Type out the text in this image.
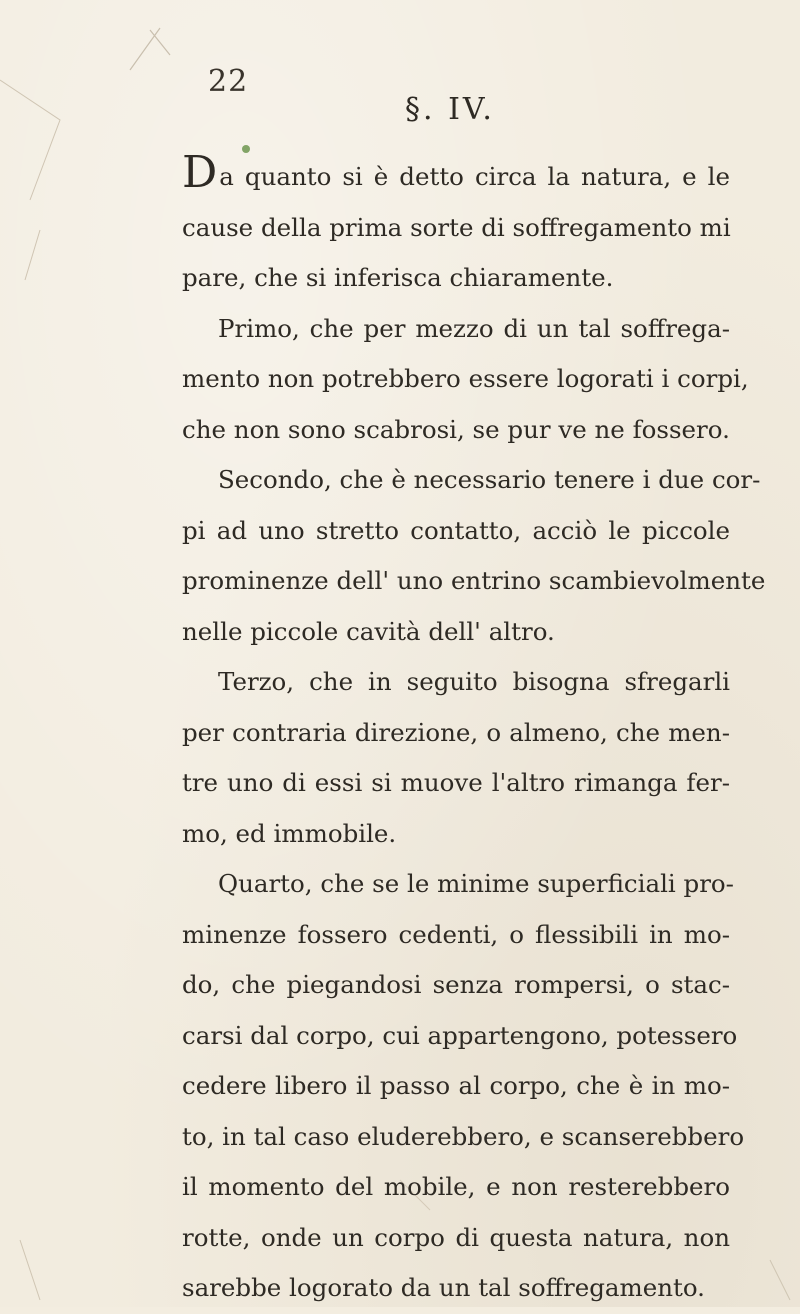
22
§. IV.
Da quanto si è detto circa la natura, e le
cause della prima sorte di soffregamento mi
pare, che si inferisca chiaramente.
Primo, che per mezzo di un tal soffrega-
mento non potrebbero essere logorati i corpi,
che non sono scabrosi, se pur ve ne fossero.
Secondo, che è necessario tenere i due cor-
pi ad uno stretto contatto, acciò le piccole
prominenze dell' uno entrino scambievolmente
nelle piccole cavità dell' altro.
Terzo, che in seguito bisogna sfregarli
per contraria direzione, o almeno, che men-
tre uno di essi si muove l'altro rimanga fer-
mo, ed immobile.
Quarto, che se le minime superficiali pro-
minenze fossero cedenti, o flessibili in mo-
do, che piegandosi senza rompersi, o stac-
carsi dal corpo, cui appartengono, potessero
cedere libero il passo al corpo, che è in mo-
to, in tal caso eluderebbero, e scanserebbero
il momento del mobile, e non resterebbero
rotte, onde un corpo di questa natura, non
sarebbe logorato da un tal soffregamento.
